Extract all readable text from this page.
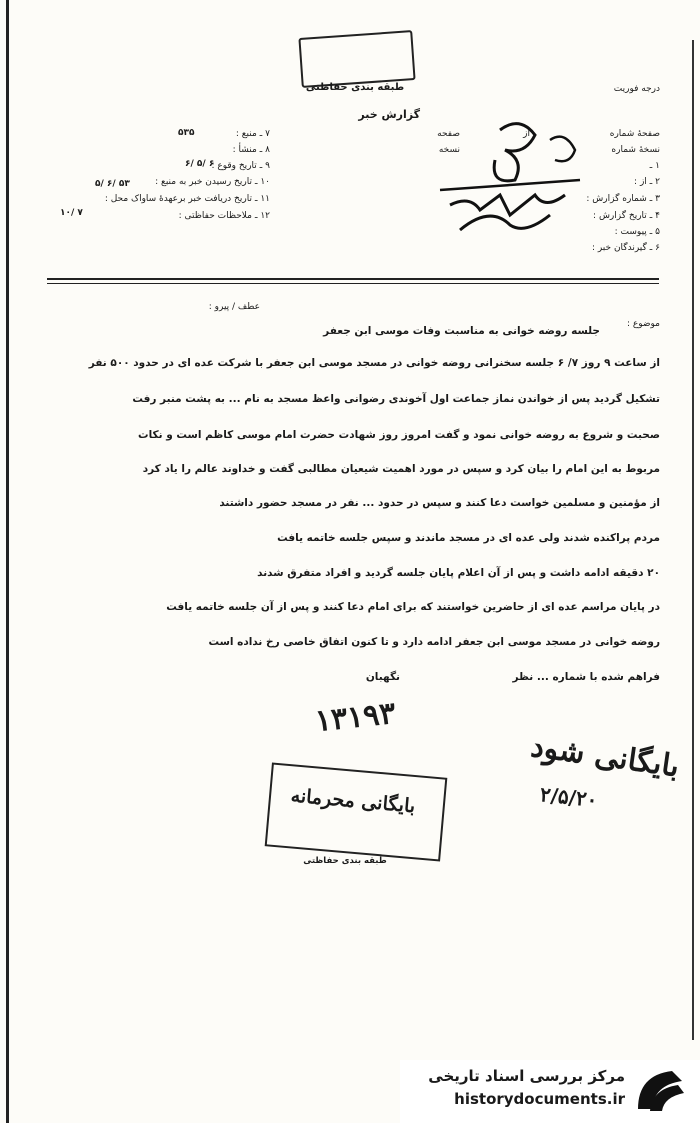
طبقه بندی حفاظتی	درجه فوریت
گزارش خبر
۷ ـ منبع :
۵۳۵
۸ ـ منشأ :
۹ ـ تاریخ وقوع :
۶/ ۵/ ۶
۱۰ ـ تاریخ رسیدن خبر به منبع :
۵/ ۶/ ۵۳
۱۱ ـ تاریخ دریافت خبر برعهدهٔ ساواک محل :
۱۰/ ۷	۱۲ ـ ملاحظات حفاظتی :
صفحهٔ شماره
از
صفحه
نسخهٔ شماره
نسخه
۱ ـ
۲ ـ از :
۳ ـ شماره گزارش :
۴ ـ تاریخ گزارش :
۵ ـ پیوست :
۶ ـ گیرندگان خبر :
عطف / پیرو :
موضوع :
جلسه روضه خوانی به مناسبت وفات موسی ابن جعفر
از ساعت ۹ روز ۷/ ۶ جلسه سخنرانی روضه خوانی در مسجد موسی ابن جعفر با شرکت عده ای در حدود ۵۰۰ نفر
تشکیل گردید پس از خواندن نماز جماعت اول آخوندی رضوانی واعظ مسجد به نام ... به پشت منبر رفت
صحبت و شروع به روضه خوانی نمود و گفت امروز روز شهادت حضرت امام موسی کاظم است و نکات
مربوط به این امام را بیان کرد و سپس در مورد اهمیت شیعیان مطالبی گفت و خداوند عالم را یاد کرد
از مؤمنین و مسلمین خواست دعا کنند و سپس در حدود ... نفر در مسجد حضور داشتند
مردم پراکنده شدند ولی عده ای در مسجد ماندند و سپس جلسه خاتمه یافت
۲۰ دقیقه ادامه داشت و پس از آن اعلام پایان جلسه گردید و افراد متفرق شدند
در پایان مراسم عده ای از حاضرین خواستند که برای امام دعا کنند و پس از آن جلسه خاتمه یافت
روضه خوانی در مسجد موسی ابن جعفر ادامه دارد و تا کنون اتفاق خاصی رخ نداده است
فراهم شده با شماره ... نظر
نگهبان
۱۳۱۹۳
بایگانی شود
۲/۵/۲۰
بایگانی محرمانه
طبقه بندی حفاظتی
مرکز بررسی اسناد تاریخی
historydocuments.ir
